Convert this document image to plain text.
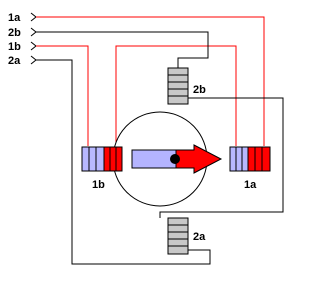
1a
2b
1b
2a
2b
2a
1b	1a
